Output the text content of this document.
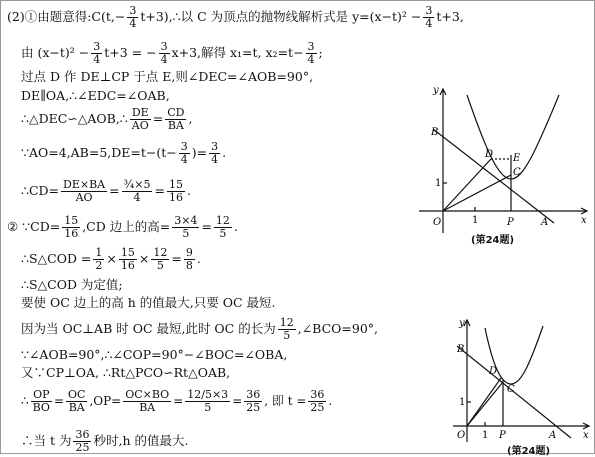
(2)①由题意得:C(t,− $\frac{3}{4}$ t+3),∴以 C 为顶点的抛物线解析式是 $y=(x-t)^2 - \frac{3}{4} t+3$,
由 $(x-t)^2 - \frac{3}{4} t+3$ = − $\frac{3}{4} x+3$,解得 x₁=t, $x_2=t- \frac{3}{4}$ ;
过点 D 作 DE⊥CP 于点 E,则∠DEC=∠AOB=90°,
DE∥OA,∴∠EDC=∠OAB,
∴△DEC∽△AOB,∴ $\frac{DE}{AO} = \frac{CD}{BA}$ ,
∵AO=4,AB=5,DE=t−(t− $\frac{3}{4}$ )= $\frac{3}{4}$ .
∴CD= $\frac{DE\times BA}{AO} = \frac{\text{¾×5}}{4} = \frac{15}{16}$ .
② ∵CD= $\frac{15}{16} ,CD$ 边上的高= $\frac{3\times 4}{5} = \frac{12}{5}$ .
∴S△COD = $\frac{1}{2} \times \frac{15}{16} \times \frac{12}{5} = \frac{9}{8}$ .
∴S△COD 为定值;
要使 OC 边上的高 h 的值最大,只要 OC 最短.
因为当 OC⊥AB 时 OC 最短,此时 OC 的长为 $\frac{12}{5}$ ,∠BCO=90°,
∵∠AOB=90°,∴∠COP=90°−∠BOC=∠OBA,
又∵CP⊥OA, ∴Rt△PCO∽Rt△OAB,
∴ $\frac{OP}{BO} = \frac{OC}{BA} ,OP= \frac{OC\times BO}{BA} = \frac{12/5\times 3}{5} = \frac{36}{25}$ , 即 $t = \frac{36}{25}$ .
∴当 t 为 $\frac{36}{25}$ 秒时,h 的值最大.
y
x
B
D E
C
O	1
1
P	A
(第24题)
y
x
B
D
C
O 1
1
P	A
(第24题)
